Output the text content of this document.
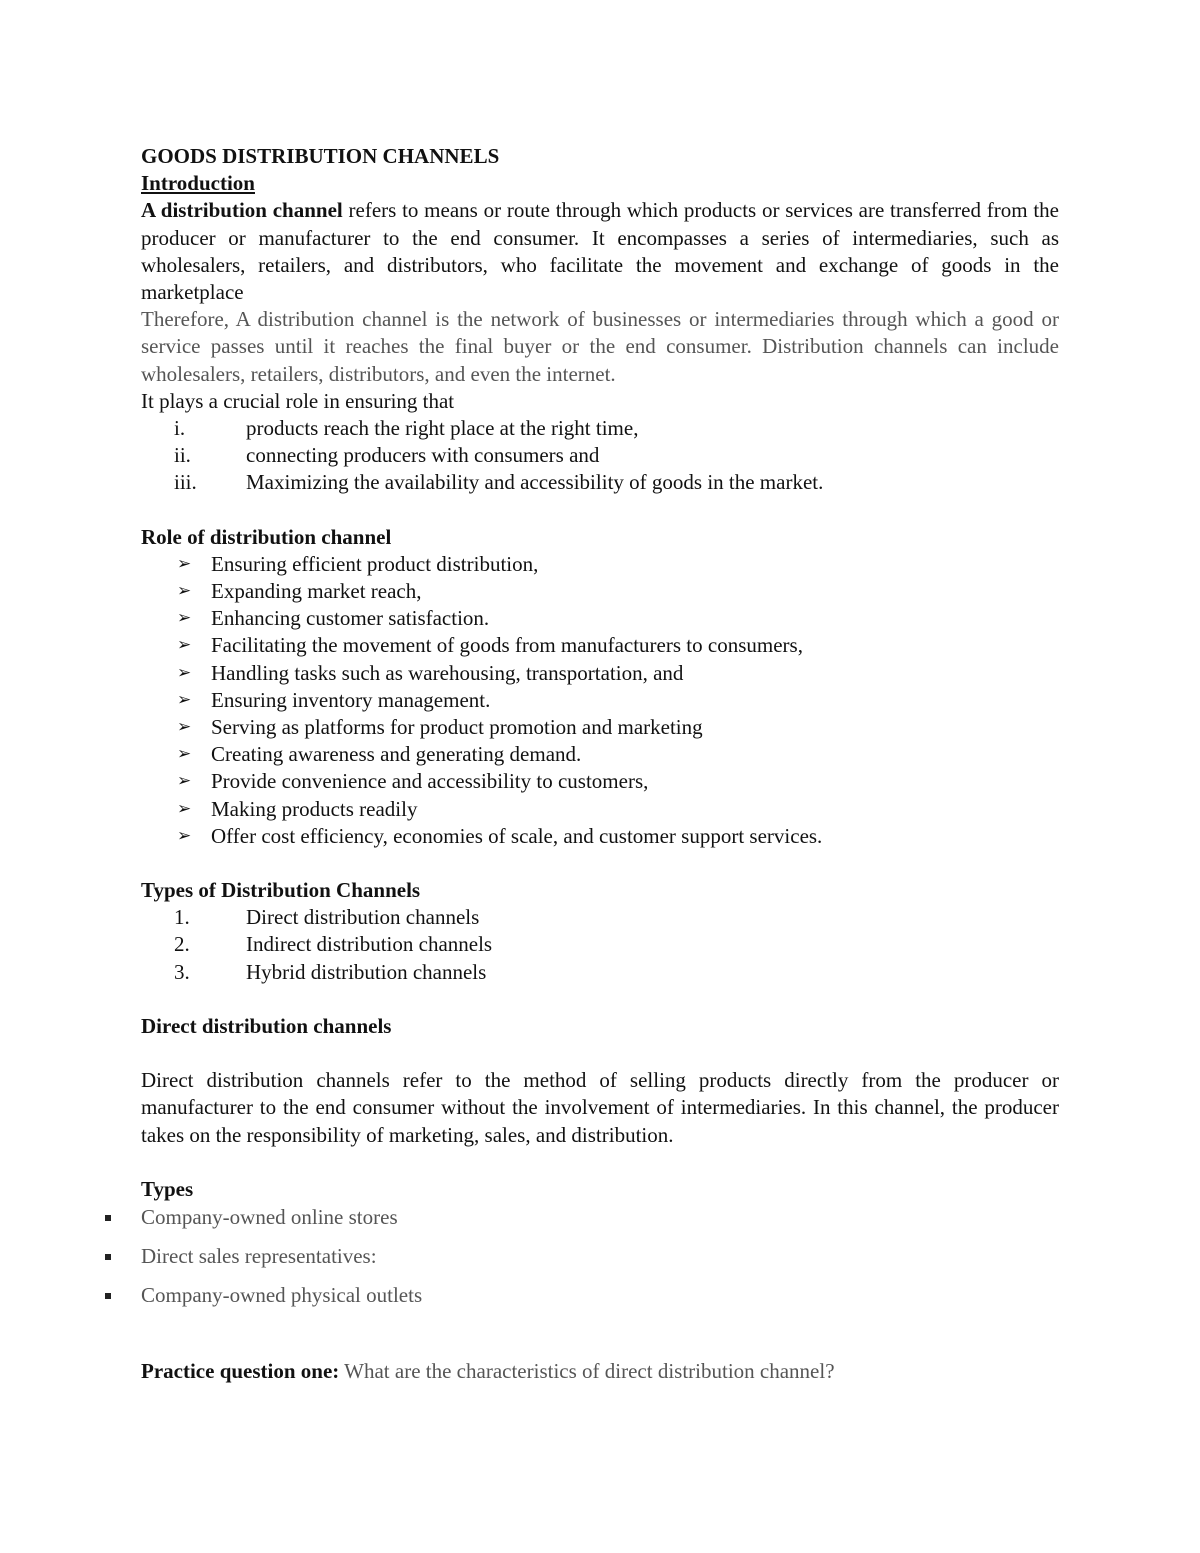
GOODS DISTRIBUTION CHANNELS

Introduction

A distribution channel refers to means or route through which products or services are transferred from the producer or manufacturer to the end consumer. It encompasses a series of intermediaries, such as wholesalers, retailers, and distributors, who facilitate the movement and exchange of goods in the marketplace

Therefore, A distribution channel is the network of businesses or intermediaries through which a good or service passes until it reaches the final buyer or the end consumer. Distribution channels can include wholesalers, retailers, distributors, and even the internet.

It plays a crucial role in ensuring that

i.	products reach the right place at the right time,
ii.	connecting producers with consumers and
iii. Maximizing the availability and accessibility of goods in the market.

Role of distribution channel

➢ Ensuring efficient product distribution,
➢ Expanding market reach,
➢ Enhancing customer satisfaction.
➢ Facilitating the movement of goods from manufacturers to consumers,
➢ Handling tasks such as warehousing, transportation, and
➢ Ensuring inventory management.
➢ Serving as platforms for product promotion and marketing
➢ Creating awareness and generating demand.
➢ Provide convenience and accessibility to customers,
➢ Making products readily
➢ Offer cost efficiency, economies of scale, and customer support services.

Types of Distribution Channels

1.	Direct distribution channels
2.	Indirect distribution channels
3.	Hybrid distribution channels

Direct distribution channels

Direct distribution channels refer to the method of selling products directly from the producer or manufacturer to the end consumer without the involvement of intermediaries. In this channel, the producer takes on the responsibility of marketing, sales, and distribution.

Types

Company-owned online stores
Direct sales representatives:
Company-owned physical outlets

Practice question one: What are the characteristics of direct distribution channel?
